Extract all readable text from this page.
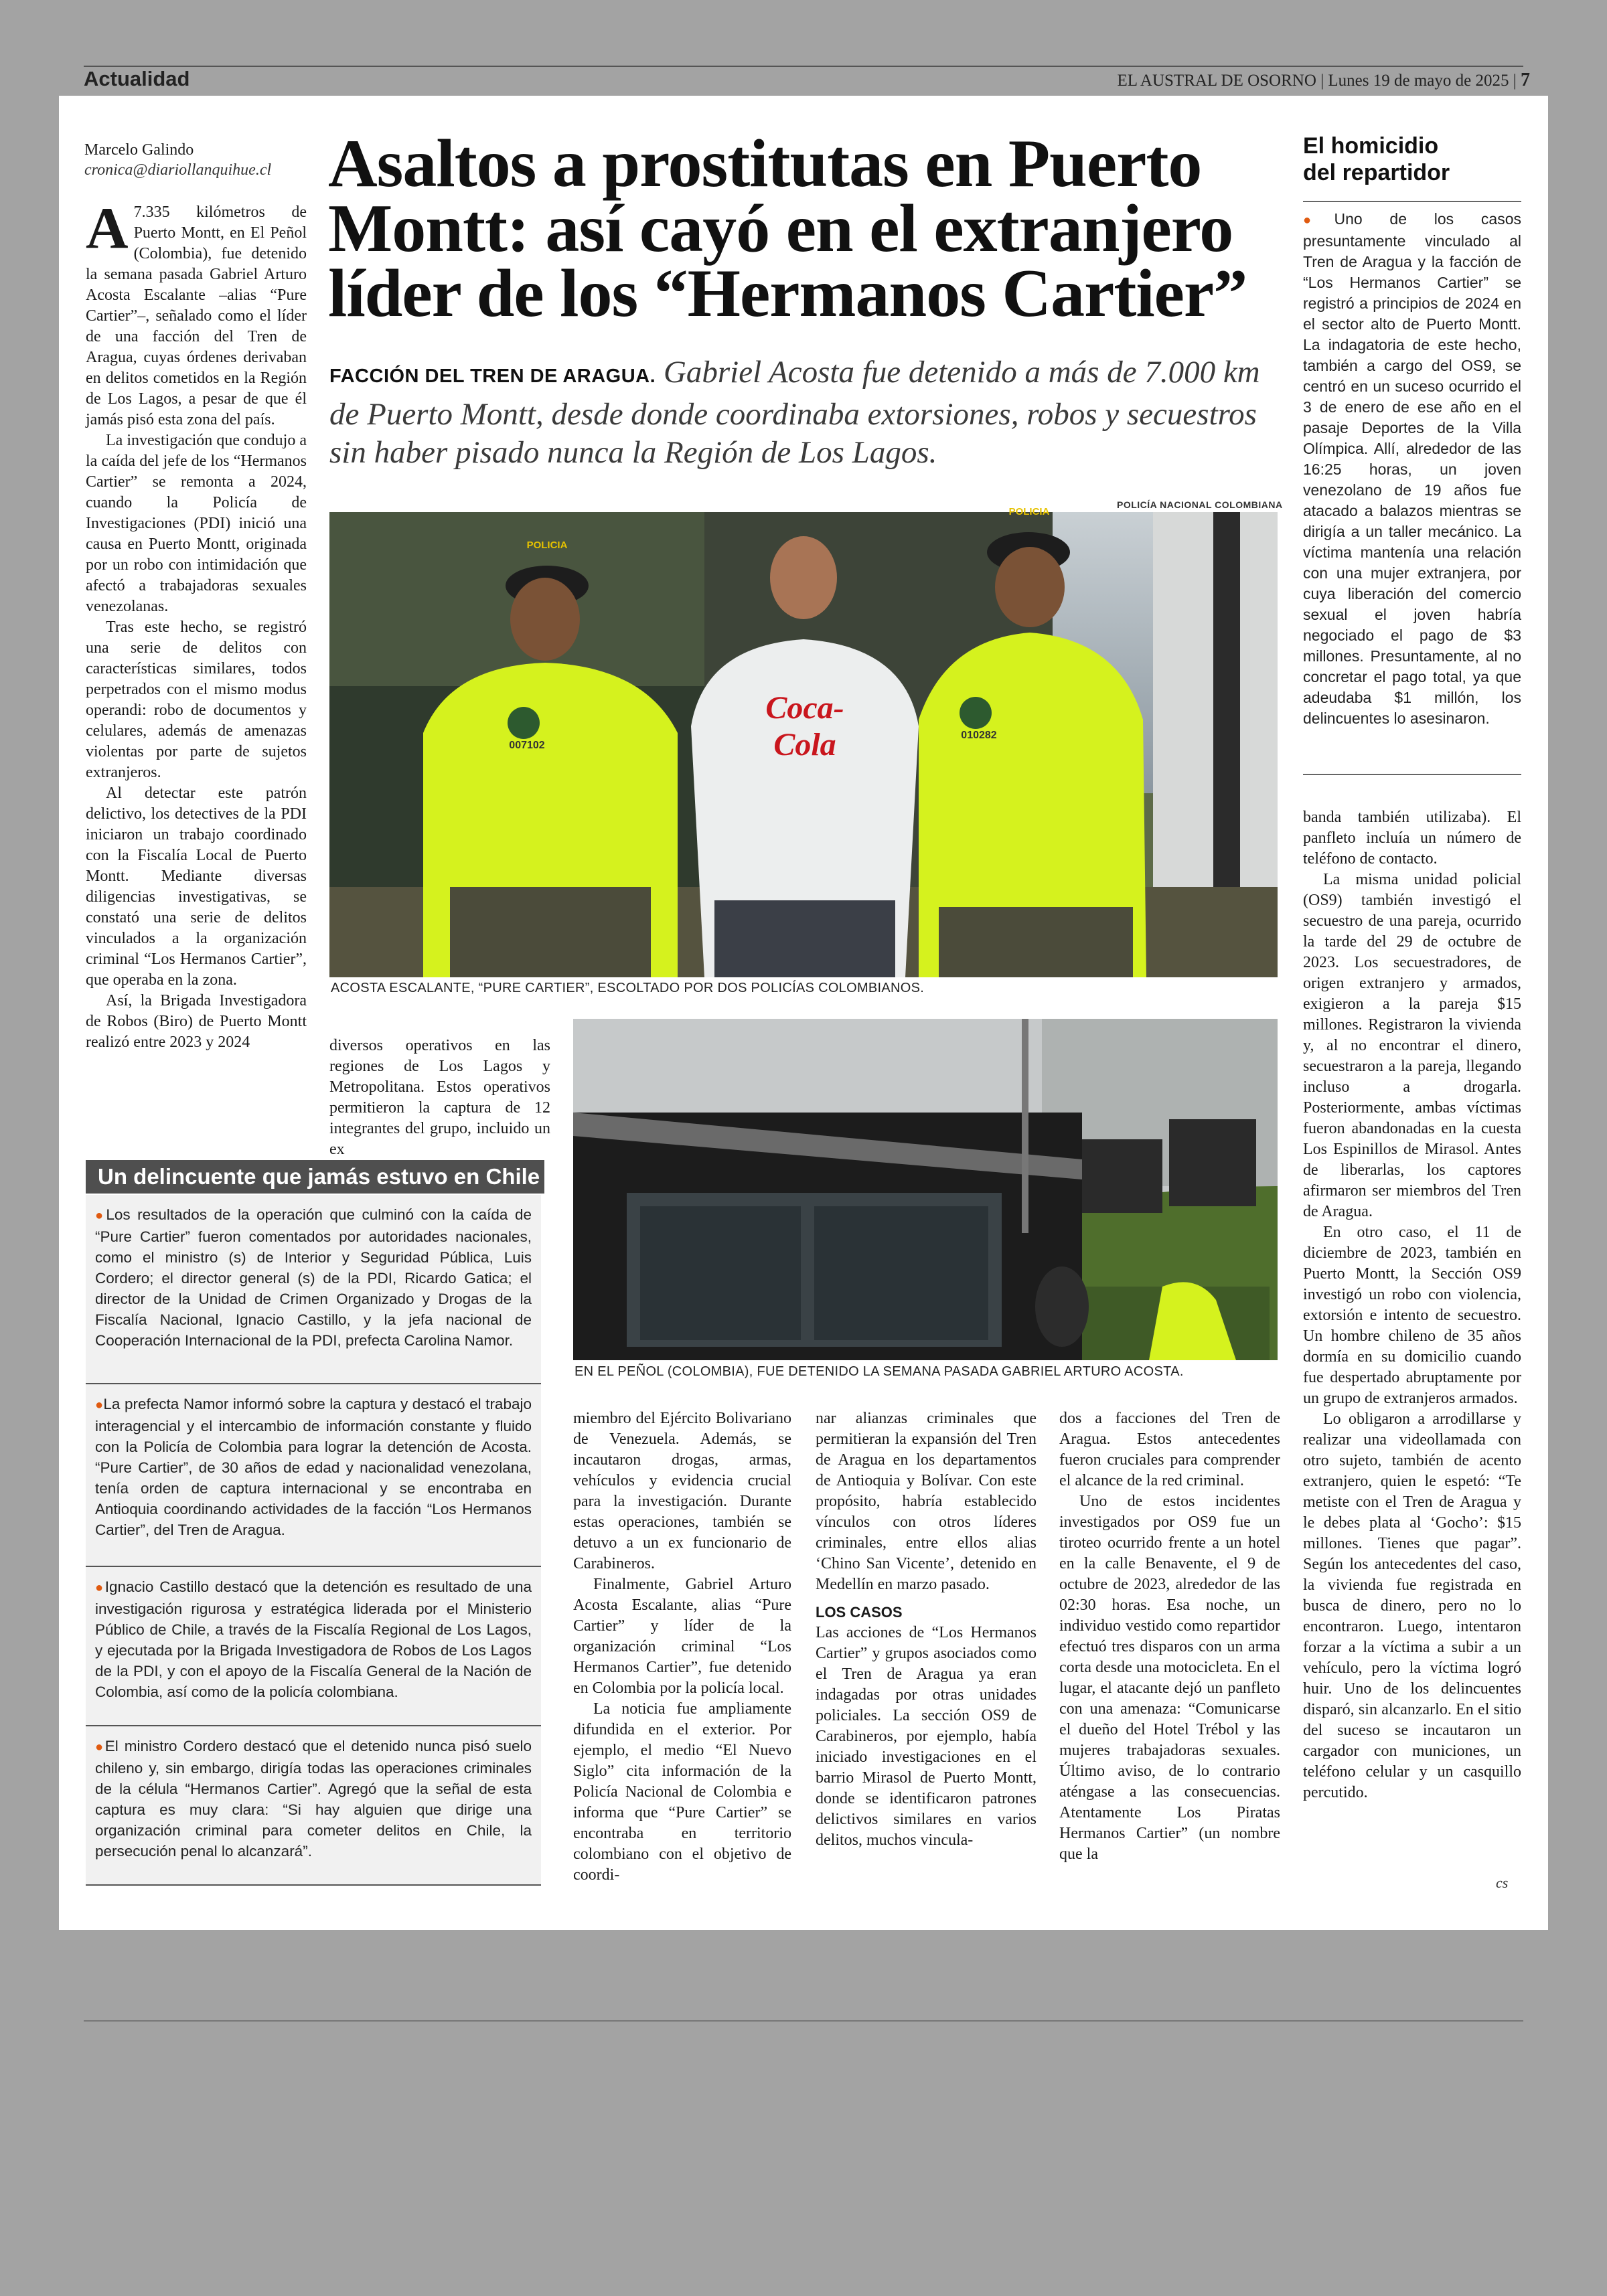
Actualidad	EL AUSTRAL DE OSORNO | Lunes 19 de mayo de 2025 | 7
Marcelo Galindo
cronica@diariollanquihue.cl Asaltos a prostitutas en Puerto Montt: así cayó en el extranjero líder de los “Hermanos Cartier”
FACCIÓN DEL TREN DE ARAGUA. Gabriel Acosta fue detenido a más de 7.000 km de Puerto Montt, desde donde coordinaba extorsiones, robos y secuestros sin haber pisado nunca la Región de Los Lagos.

A 7.335 kilómetros de Puerto Montt, en El Peñol (Colombia), fue detenido la semana pasada Gabriel Arturo Acosta Escalante –alias “Pure Cartier”–, señalado como el líder de una facción del Tren de Aragua, cuyas órdenes derivaban en delitos cometidos en la Región de Los Lagos, a pesar de que él jamás pisó esta zona del país.

La investigación que condujo a la caída del jefe de los “Hermanos Cartier” se remonta a 2024, cuando la Policía de Investigaciones (PDI) inició una causa en Puerto Montt, originada por un robo con intimidación que afectó a trabajadoras sexuales venezolanas.

Tras este hecho, se registró una serie de delitos con características similares, todos perpetrados con el mismo modus operandi: robo de documentos y celulares, además de amenazas violentas por parte de sujetos extranjeros.

Al detectar este patrón delictivo, los detectives de la PDI iniciaron un trabajo coordinado con la Fiscalía Local de Puerto Montt. Mediante diversas diligencias investigativas, se constató una serie de delitos vinculados a la organización criminal “Los Hermanos Cartier”, que operaba en la zona.

Así, la Brigada Investigadora de Robos (Biro) de Puerto Montt realizó entre 2023 y 2024

POLICÍA NACIONAL COLOMBIANA
POLICIA
POLICIA
Coca-Cola
007102
010282
ACOSTA ESCALANTE, “PURE CARTIER”, ESCOLTADO POR DOS POLICÍAS COLOMBIANOS.

diversos operativos en las regiones de Los Lagos y Metropolitana. Estos operativos permitieron la captura de 12 integrantes del grupo, incluido un ex

EN EL PEÑOL (COLOMBIA), FUE DETENIDO LA SEMANA PASADA GABRIEL ARTURO ACOSTA.
Un delincuente que jamás estuvo en Chile
●Los resultados de la operación que culminó con la caída de “Pure Cartier” fueron comentados por autoridades nacionales, como el ministro (s) de Interior y Seguridad Pública, Luis Cordero; el director general (s) de la PDI, Ricardo Gatica; el director de la Unidad de Crimen Organizado y Drogas de la Fiscalía Nacional, Ignacio Castillo, y la jefa nacional de Cooperación Internacional de la PDI, prefecta Carolina Namor.
●La prefecta Namor informó sobre la captura y destacó el trabajo interagencial y el intercambio de información constante y fluido con la Policía de Colombia para lograr la detención de Acosta. “Pure Cartier”, de 30 años de edad y nacionalidad venezolana, tenía orden de captura internacional y se encontraba en Antioquia coordinando actividades de la facción “Los Hermanos Cartier”, del Tren de Aragua.
●Ignacio Castillo destacó que la detención es resultado de una investigación rigurosa y estratégica liderada por el Ministerio Público de Chile, a través de la Fiscalía Regional de Los Lagos, y ejecutada por la Brigada Investigadora de Robos de Los Lagos de la PDI, y con el apoyo de la Fiscalía General de la Nación de Colombia, así como de la policía colombiana.
●El ministro Cordero destacó que el detenido nunca pisó suelo chileno y, sin embargo, dirigía todas las operaciones criminales de la célula “Hermanos Cartier”. Agregó que la señal de esta captura es muy clara: “Si hay alguien que dirige una organización criminal para cometer delitos en Chile, la persecución penal lo alcanzará”.

miembro del Ejército Bolivariano de Venezuela. Además, se incautaron drogas, armas, vehículos y evidencia crucial para la investigación. Durante estas operaciones, también se detuvo a un ex funcionario de Carabineros.

Finalmente, Gabriel Arturo Acosta Escalante, alias “Pure Cartier” y líder de la organización criminal “Los Hermanos Cartier”, fue detenido en Colombia por la policía local.

La noticia fue ampliamente difundida en el exterior. Por ejemplo, el medio “El Nuevo Siglo” cita información de la Policía Nacional de Colombia e informa que “Pure Cartier” se encontraba en territorio colombiano con el objetivo de coordi-

nar alianzas criminales que permitieran la expansión del Tren de Aragua en los departamentos de Antioquia y Bolívar. Con este propósito, habría establecido vínculos con otros líderes criminales, entre ellos alias ‘Chino San Vicente’, detenido en Medellín en marzo pasado.

LOS CASOS

Las acciones de “Los Hermanos Cartier” y grupos asociados como el Tren de Aragua ya eran indagadas por otras unidades policiales. La sección OS9 de Carabineros, por ejemplo, había iniciado investigaciones en el barrio Mirasol de Puerto Montt, donde se identificaron patrones delictivos similares en varios delitos, muchos vincula-

dos a facciones del Tren de Aragua. Estos antecedentes fueron cruciales para comprender el alcance de la red criminal.

Uno de estos incidentes investigados por OS9 fue un tiroteo ocurrido frente a un hotel en la calle Benavente, el 9 de octubre de 2023, alrededor de las 02:30 horas. Esa noche, un individuo vestido como repartidor efectuó tres disparos con un arma corta desde una motocicleta. En el lugar, el atacante dejó un panfleto con una amenaza: “Comunicarse el dueño del Hotel Trébol y las mujeres trabajadoras sexuales. Último aviso, de lo contrario aténgase a las consecuencias. Atentamente Los Piratas Hermanos Cartier” (un nombre que la

El homicidio
del repartidor
●Uno de los casos presuntamente vinculado al Tren de Aragua y la facción de “Los Hermanos Cartier” se registró a principios de 2024 en el sector alto de Puerto Montt. La indagatoria de este hecho, también a cargo del OS9, se centró en un suceso ocurrido el 3 de enero de ese año en el pasaje Deportes de la Villa Olímpica. Allí, alrededor de las 16:25 horas, un joven venezolano de 19 años fue atacado a balazos mientras se dirigía a un taller mecánico. La víctima mantenía una relación con una mujer extranjera, por cuya liberación del comercio sexual el joven habría negociado el pago de $3 millones. Presuntamente, al no concretar el pago total, ya que adeudaba $1 millón, los delincuentes lo asesinaron.

banda también utilizaba). El panfleto incluía un número de teléfono de contacto.

La misma unidad policial (OS9) también investigó el secuestro de una pareja, ocurrido la tarde del 29 de octubre de 2023. Los secuestradores, de origen extranjero y armados, exigieron a la pareja $15 millones. Registraron la vivienda y, al no encontrar el dinero, secuestraron a la pareja, llegando incluso a drogarla. Posteriormente, ambas víctimas fueron abandonadas en la cuesta Los Espinillos de Mirasol. Antes de liberarlas, los captores afirmaron ser miembros del Tren de Aragua.

En otro caso, el 11 de diciembre de 2023, también en Puerto Montt, la Sección OS9 investigó un robo con violencia, extorsión e intento de secuestro. Un hombre chileno de 35 años dormía en su domicilio cuando fue despertado abruptamente por un grupo de extranjeros armados.

Lo obligaron a arrodillarse y realizar una videollamada con otro sujeto, también de acento extranjero, quien le espetó: “Te metiste con el Tren de Aragua y le debes plata al ‘Gocho’: $15 millones. Tienes que pagar”. Según los antecedentes del caso, la vivienda fue registrada en busca de dinero, pero no lo encontraron. Luego, intentaron forzar a la víctima a subir a un vehículo, pero la víctima logró huir. Uno de los delincuentes disparó, sin alcanzarlo. En el sitio del suceso se incautaron un cargador con municiones, un teléfono celular y un casquillo percutido.

cs
